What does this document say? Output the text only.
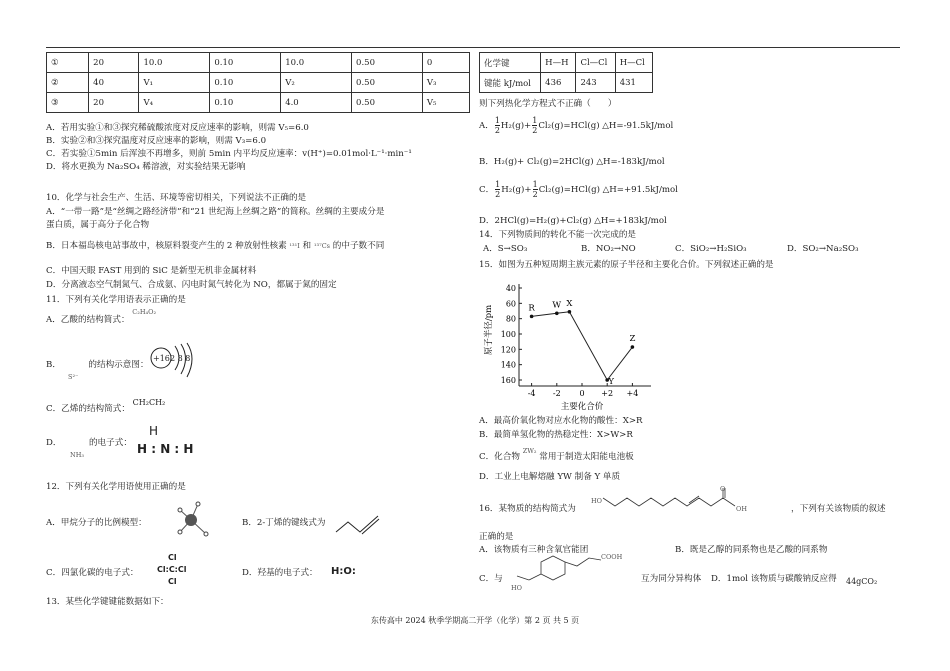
①	20	10.0	0.10	10.0	0.50	0
②	40	V₁	0.10	V₂	0.50	V₃
③	20	V₄	0.10	4.0	0.50	V₅
A．若用实验①和③探究稀硫酸浓度对反应速率的影响，则需 V₅=6.0
B．实验②和③探究温度对反应速率的影响，则需 V₃=6.0
C．若实验①5min 后浑浊不再增多，则前 5min 内平均反应速率：v(H⁺)=0.01mol·L⁻¹·min⁻¹
D．将水更换为 Na₂SO₄ 稀溶液，对实验结果无影响
10．化学与社会生产、生活、环境等密切相关，下列说法不正确的是
A．“一带一路”是“丝绸之路经济带”和“21 世纪海上丝绸之路”的简称。丝绸的主要成分是
蛋白质，属于高分子化合物
B．日本福岛核电站事故中，核原料裂变产生的 2 种放射性核素 ¹³¹I 和 ¹³⁷Cs 的中子数不同
C．中国天眼 FAST 用到的 SiC 是新型无机非金属材料
D．分离液态空气制氮气、合成氨、闪电时氮气转化为 NO，都属于氮的固定
11．下列有关化学用语表示正确的是
A．乙酸的结构简式： $^{C_2H_4O_2}$
B．	的结构示意图：
S²⁻
+16 2 8 8
C．乙烯的结构简式： CH₂CH₂
D．	的电子式：
NH₃
H
H : N : H
12．下列有关化学用语使用正确的是
A．甲烷分子的比例模型：	B．2-丁烯的键线式为
C．四氯化碳的电子式：
Cl
Cl:C:Cl
Cl
D．羟基的电子式： H:O:
13．某些化学键键能数据如下：
化学键	H—H	Cl—Cl	H—Cl
键能 kJ/mol	436	243	431
则下列热化学方程式不正确（　　）
A． $\frac{1}{2} H_2(g)+ \frac{1}{2} Cl_2(g)=HCl(g)$ △H=-91.5kJ/mol
B．H₂(g)+ Cl₂(g)=2HCl(g) △H=-183kJ/mol
C． $\frac{1}{2} H_2(g)+ \frac{1}{2} Cl_2(g)=HCl(g)$ △H=+91.5kJ/mol
D．2HCl(g)=H₂(g)+Cl₂(g) △H=+183kJ/mol
14．下列物质间的转化不能一次完成的是
A．S→SO₃	B．NO₂→NO	C．SiO₂→H₂SiO₃	D．SO₂→Na₂SO₃
15．如图为五种短周期主族元素的原子半径和主要化合价。下列叙述正确的是
40
60
80
100
120
140
160
-4 -2 0 +2 +4
主要化合价
原子半径/pm	R W X
Y
Z
A．最高价氧化物对应水化物的酸性：X>R
B．最简单氢化物的热稳定性：X>W>R
C．化合物 $^{ZW_2}$ 常用于制造太阳能电池板
D．工业上电解熔融 YW 制备 Y 单质
16．某物质的结构简式为
HO
O
OH	，下列有关该物质的叙述
正确的是
A．该物质有三种含氧官能团	B．既是乙醇的同系物也是乙酸的同系物
C．与
COOH
HO
互为同分异构体 D．1mol 该物质与碳酸钠反应得 44gCO₂
东传高中 2024 秋季学期高二开学（化学）第 2 页 共 5 页
